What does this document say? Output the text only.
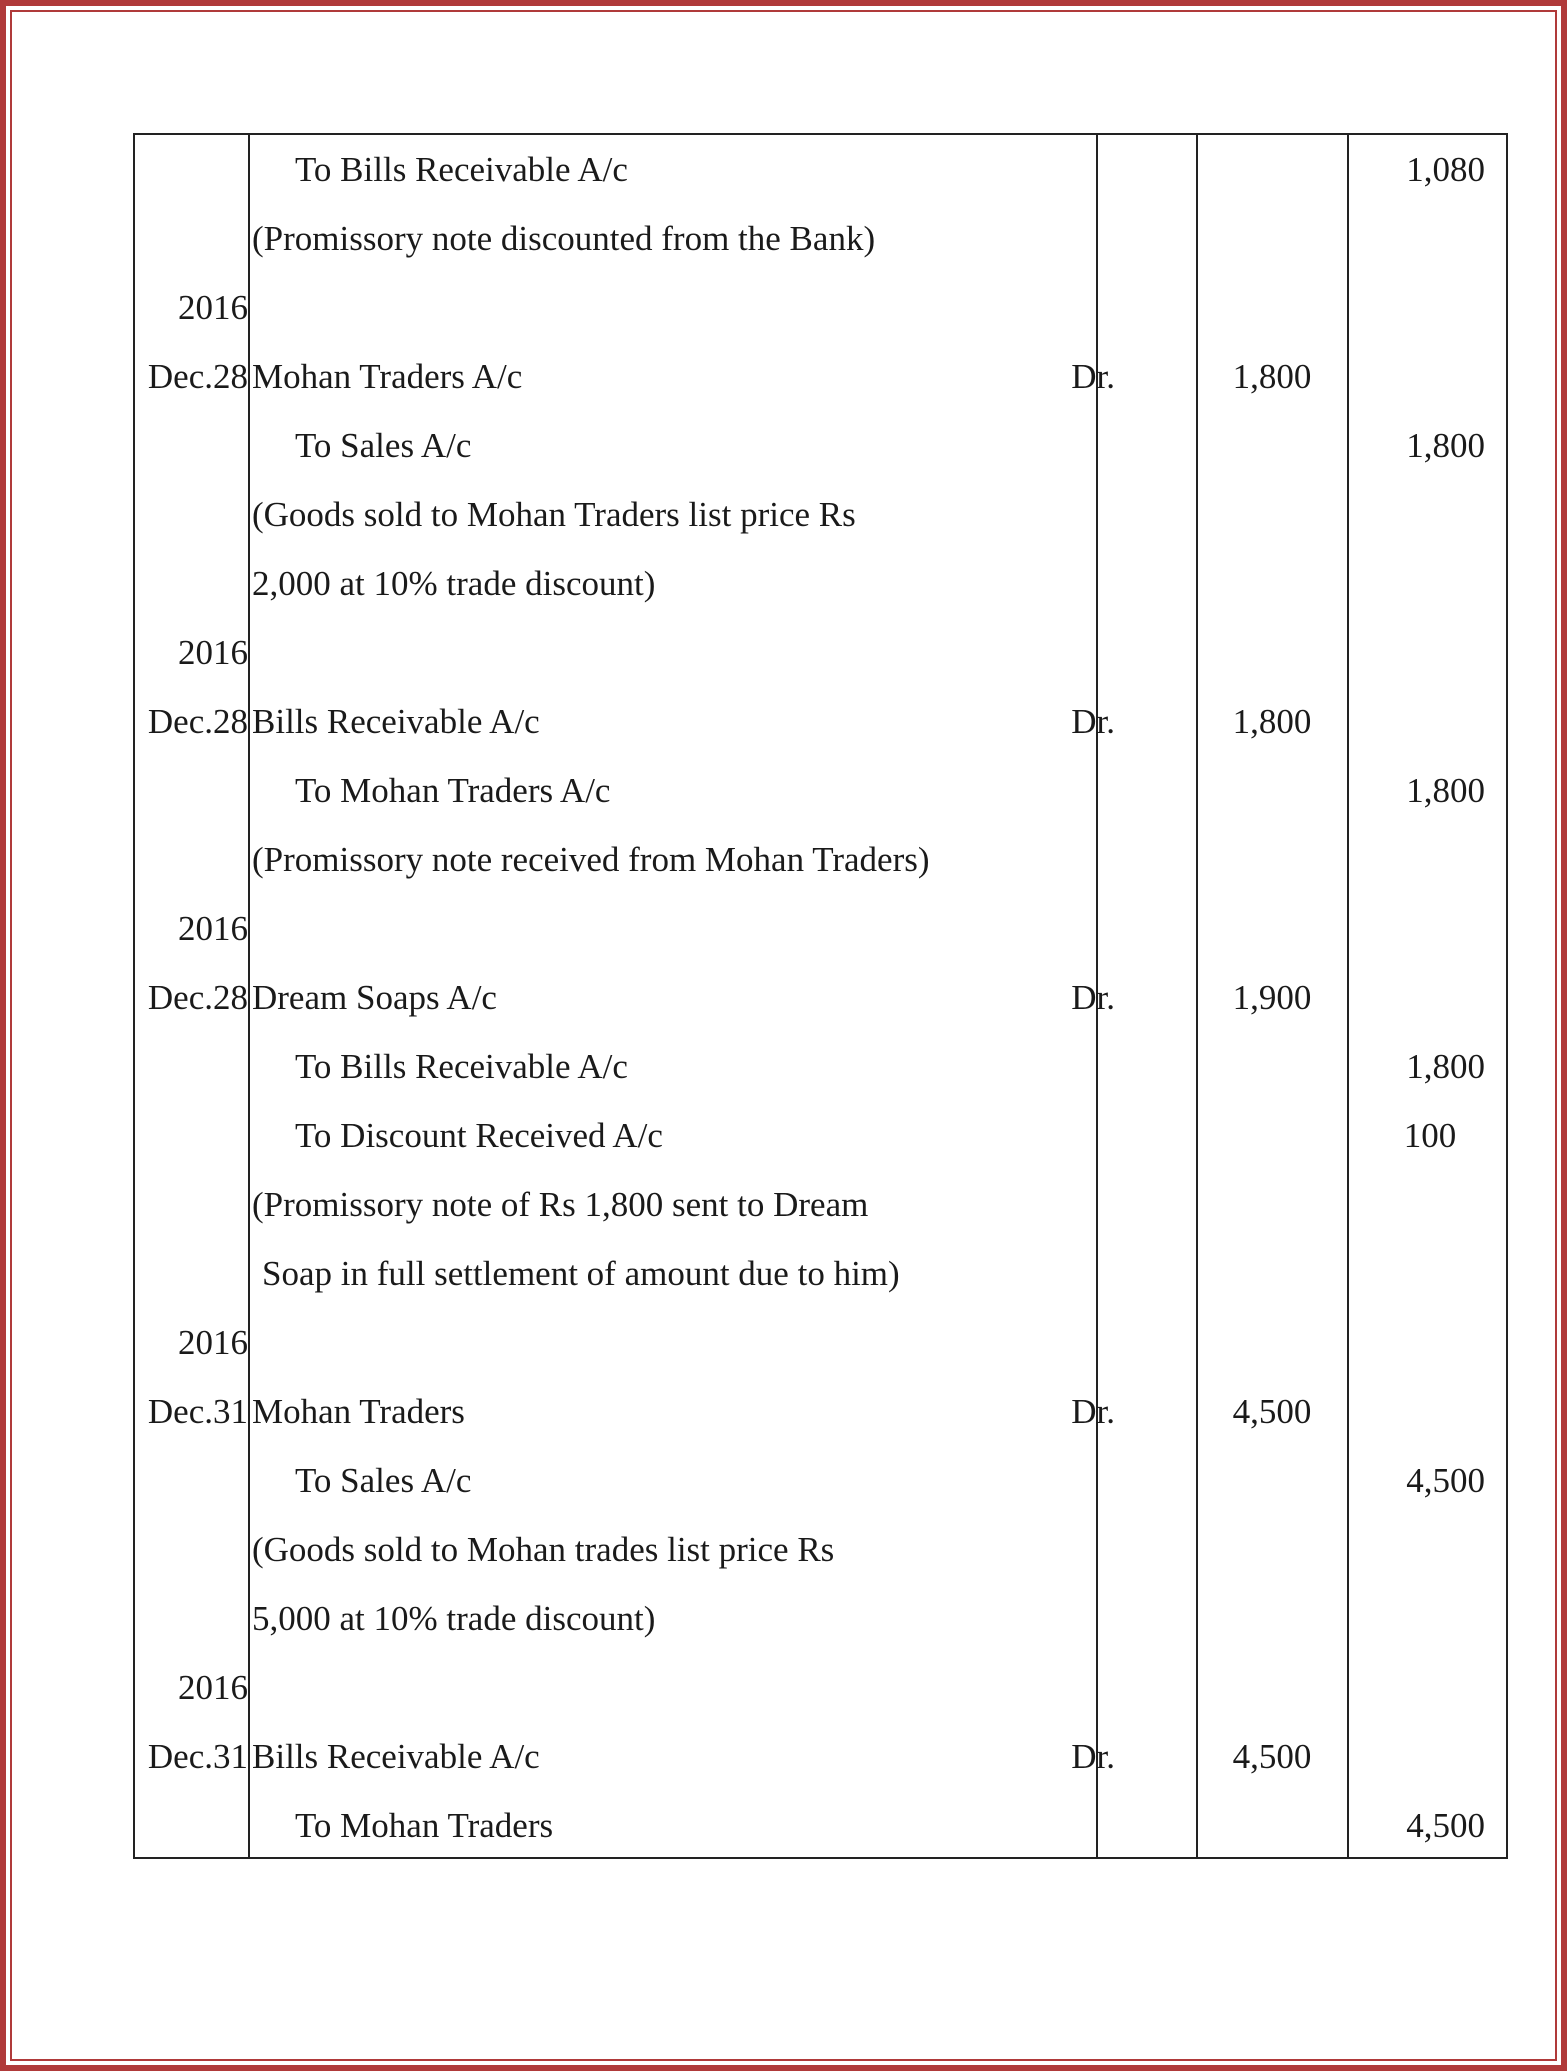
To Bills Receivable A/c	1,080
(Promissory note discounted from the Bank)
2016
Dec.28 Mohan Traders A/c	Dr.	1,800
To Sales A/c	1,800
(Goods sold to Mohan Traders list price Rs
2,000 at 10% trade discount)
2016
Dec.28 Bills Receivable A/c	Dr.	1,800
To Mohan Traders A/c	1,800
(Promissory note received from Mohan Traders)
2016
Dec.28 Dream Soaps A/c	Dr.	1,900
To Bills Receivable A/c	1,800
To Discount Received A/c	100
(Promissory note of Rs 1,800 sent to Dream
Soap in full settlement of amount due to him)
2016
Dec.31 Mohan Traders	Dr.	4,500
To Sales A/c	4,500
(Goods sold to Mohan trades list price Rs
5,000 at 10% trade discount)
2016
Dec.31 Bills Receivable A/c	Dr.	4,500
To Mohan Traders	4,500
